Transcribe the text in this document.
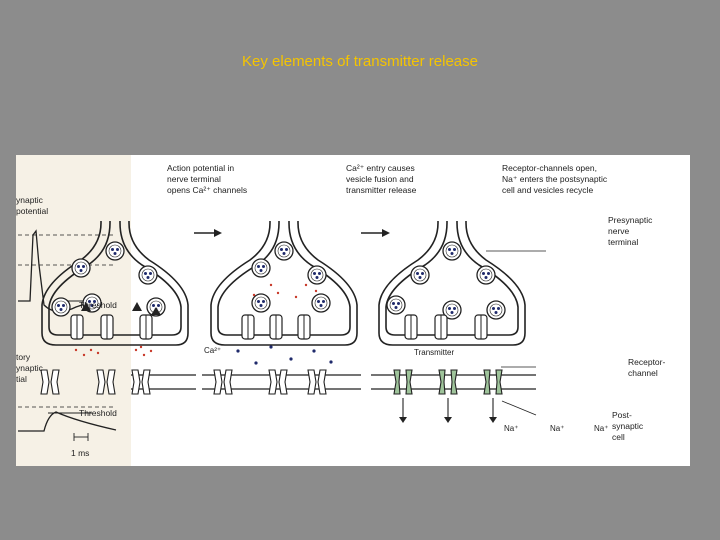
Key elements of transmitter release
ynaptic
potential
Threshold
tory
ynaptic
tial
Threshold
1 ms
Action potential in
nerve terminal
opens Ca²⁺ channels
Ca²⁺
Ca²⁺ entry causes
vesicle fusion and
transmitter release
Transmitter
Receptor-channels open,
Na⁺ enters the postsynaptic
cell and vesicles recycle
Presynaptic
nerve
terminal
Receptor-
channel
Post-
synaptic
cell
Na⁺	Na⁺	Na⁺
